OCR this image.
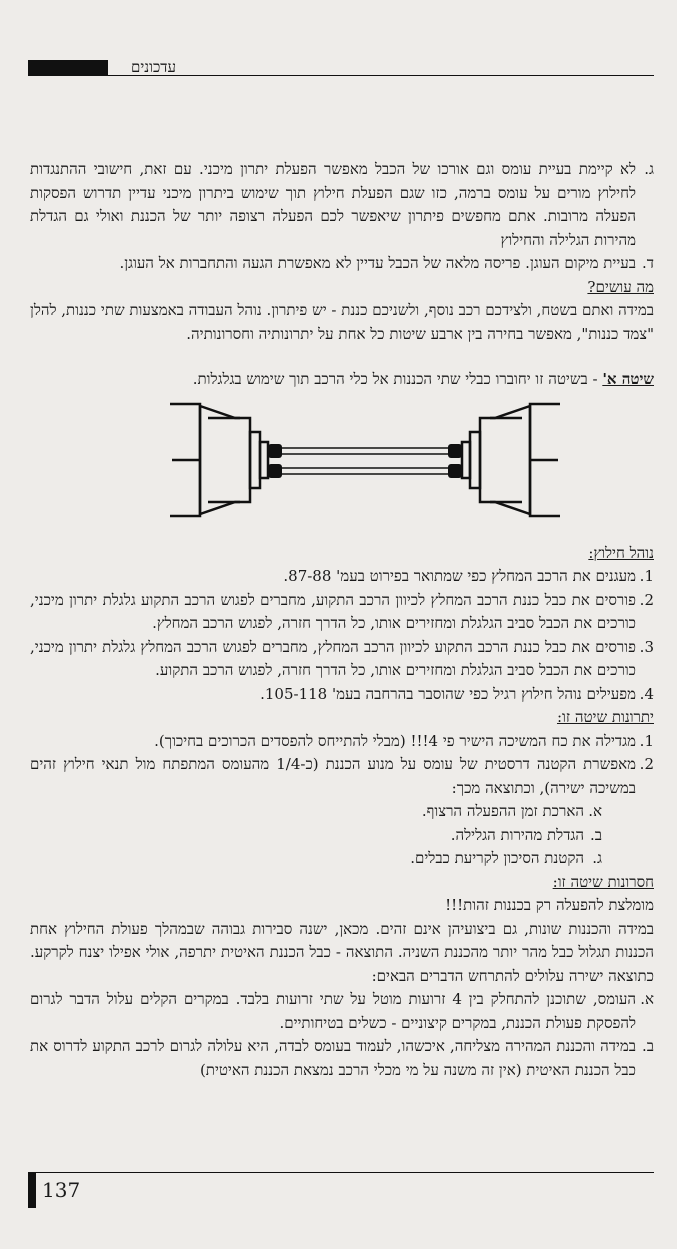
עדכונים
ג.
לא קיימת בעיית עומס וגם אורכו של הכבל מאפשר הפעלת יתרון מיכני. עם זאת, חישובי ההתנגדות לחילוץ מורים על עומס ברמה, כזו שגם הפעלת חילוץ תוך שימוש ביתרון מיכני עדיין תדרוש הפסקות הפעלה מרובות. אתם מחפשים פיתרון שיאפשר לכם הפעלה רצופה יותר של הכננת ואולי גם הגדלת מהירות הגלילה והחילוץ
ד.
בעיית מיקום העוגן. פריסה מלאה של הכבל עדיין לא מאפשרת הגעה והתחברות אל העוגן.

מה עושים?

במידה ואתם בשטח, ולצידכם רכב נוסף, ולשניכם כננת - יש פיתרון. נוהל העבודה באמצעות שתי כננות, להלן "צמד כננות", מאפשר בחירה בין ארבע שיטות כל אחת על יתרונותיה וחסרונותיה.

שיטה א' - בשיטה זו יחוברו כבלי שתי הכננות אל כלי הרכב תוך שימוש בגלגלות.

נוהל חילוץ:

1.
מעגנים את הרכב המחלץ כפי שמתואר בפירוט בעמ' 87-88.
2.
פורסים את כבל כננת הרכב המחלץ לכיוון הרכב התקוע, מחברים לפגוש הרכב התקוע גלגלת יתרון מיכני, כורכים את הכבל סביב הגלגלת ומחזירים אותו, כל הדרך חזרה, לפגוש הרכב המחלץ.
3.
פורסים את כבל כננת הרכב התקוע לכיוון הרכב המחלץ, מחברים לפגוש הרכב המחלץ גלגלת יתרון מיכני, כורכים את הכבל סביב הגלגלת ומחזירים אותו, כל הדרך חזרה, לפגוש הרכב התקוע.
4.
מפעילים נוהל חילוץ רגיל כפי שהוסבר בהרחבה בעמ' 105-118.

יתרונות שיטה זו:

1.
מגדילה את כח המשיכה הישיר פי 4!!! (מבלי להתייחס להפסדים הכרוכים בחיכוך).
2.
מאפשרת הקטנה דרסטית של עומס על מנוע הכננת (כ-1/4 מהעומס המתפתח מול תנאי חילוץ זהים במשיכה ישירה), וכתוצאה מכך:
א.
הארכת זמן ההפעלה הרצוף.
ב.
הגדלת מהירות הגלילה.
ג.
הקטנת הסיכון לקריעת כבלים.

חסרונות שיטה זו:

מומלצת להפעלה רק בכננות זהות!!!

במידה והכננות שונות, גם ביצועיהן אינם זהים. מכאן, ישנה סבירות גבוהה שבמהלך פעולת החילוץ אחת הכננות תגלול כבל מהר יותר מהכננת השניה. התוצאה - כבל הכננת האיטית יתרפה, אולי אפילו יצנח לקרקע. כתוצאה ישירה עלולים להתרחש הדברים הבאים:

א.
העומס, שתוכנן להתחלק בין 4 זרועות מוטל על שתי זרועות בלבד. במקרים הקלים עלול הדבר לגרום להפסקת פעולת הכננת, במקרים קיצוניים - כשלים בטיחותיים.
ב.
במידה והכננת המהירה מצליחה, איכשהו, לעמוד בעומס לבדה, היא עלולה לגרום לרכב התקוע לדרוס את כבל הכננת האיטית (אין זה משנה על מי מכלי הרכב נמצאת הכננת האיטית)
137
